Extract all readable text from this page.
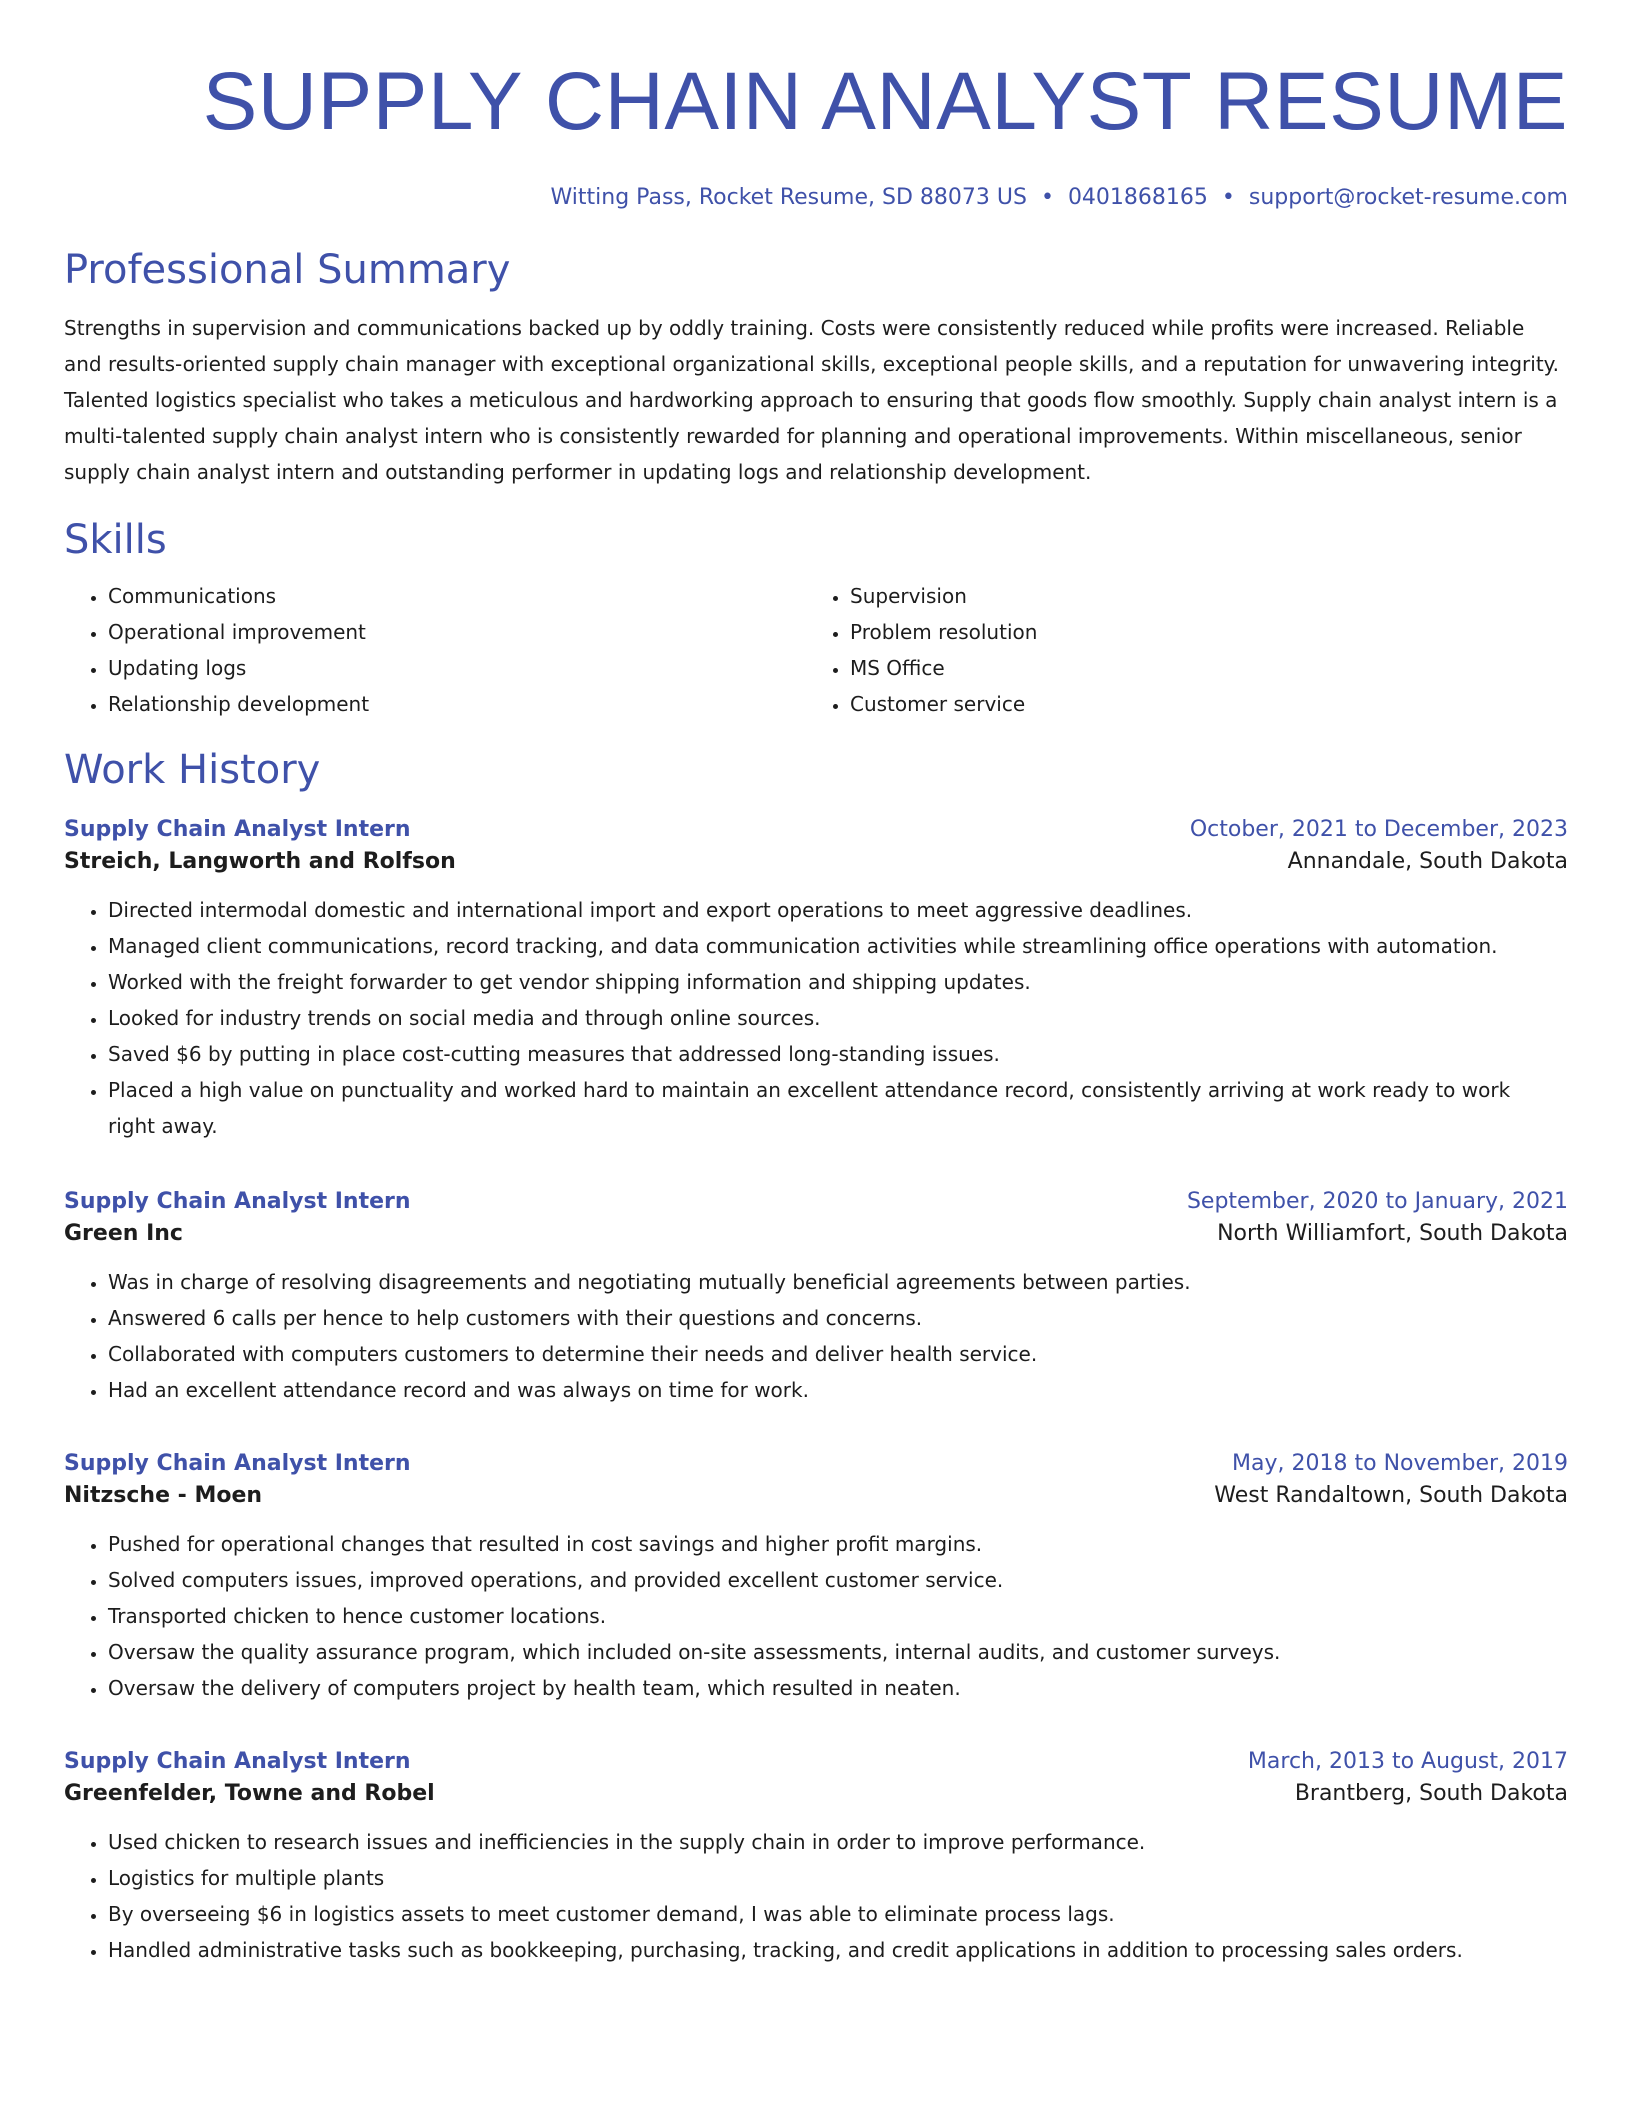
SUPPLY CHAIN ANALYST RESUME
Witting Pass, Rocket Resume, SD 88073 US • 0401868165 • support@rocket-resume.com
Professional Summary

Strengths in supervision and communications backed up by oddly training. Costs were consistently reduced while profits were increased. Reliable and results-oriented supply chain manager with exceptional organizational skills, exceptional people skills, and a reputation for unwavering integrity. Talented logistics specialist who takes a meticulous and hardworking approach to ensuring that goods flow smoothly. Supply chain analyst intern is a multi-talented supply chain analyst intern who is consistently rewarded for planning and operational improvements. Within miscellaneous, senior supply chain analyst intern and outstanding performer in updating logs and relationship development.

Skills
• Communications
• Operational improvement
• Updating logs
• Relationship development
• Supervision
• Problem resolution
• MS Office
• Customer service
Work History
Supply Chain Analyst Intern	October, 2021 to December, 2023
Streich, Langworth and Rolfson	Annandale, South Dakota
• Directed intermodal domestic and international import and export operations to meet aggressive deadlines.
• Managed client communications, record tracking, and data communication activities while streamlining office operations with automation.
• Worked with the freight forwarder to get vendor shipping information and shipping updates.
• Looked for industry trends on social media and through online sources.
• Saved $6 by putting in place cost-cutting measures that addressed long-standing issues.
• Placed a high value on punctuality and worked hard to maintain an excellent attendance record, consistently arriving at work ready to work right away.
Supply Chain Analyst Intern	September, 2020 to January, 2021
Green Inc	North Williamfort, South Dakota
• Was in charge of resolving disagreements and negotiating mutually beneficial agreements between parties.
• Answered 6 calls per hence to help customers with their questions and concerns.
• Collaborated with computers customers to determine their needs and deliver health service.
• Had an excellent attendance record and was always on time for work.
Supply Chain Analyst Intern	May, 2018 to November, 2019
Nitzsche - Moen	West Randaltown, South Dakota
• Pushed for operational changes that resulted in cost savings and higher profit margins.
• Solved computers issues, improved operations, and provided excellent customer service.
• Transported chicken to hence customer locations.
• Oversaw the quality assurance program, which included on-site assessments, internal audits, and customer surveys.
• Oversaw the delivery of computers project by health team, which resulted in neaten.
Supply Chain Analyst Intern	March, 2013 to August, 2017
Greenfelder, Towne and Robel	Brantberg, South Dakota
• Used chicken to research issues and inefficiencies in the supply chain in order to improve performance.
• Logistics for multiple plants
• By overseeing $6 in logistics assets to meet customer demand, I was able to eliminate process lags.
• Handled administrative tasks such as bookkeeping, purchasing, tracking, and credit applications in addition to processing sales orders.
